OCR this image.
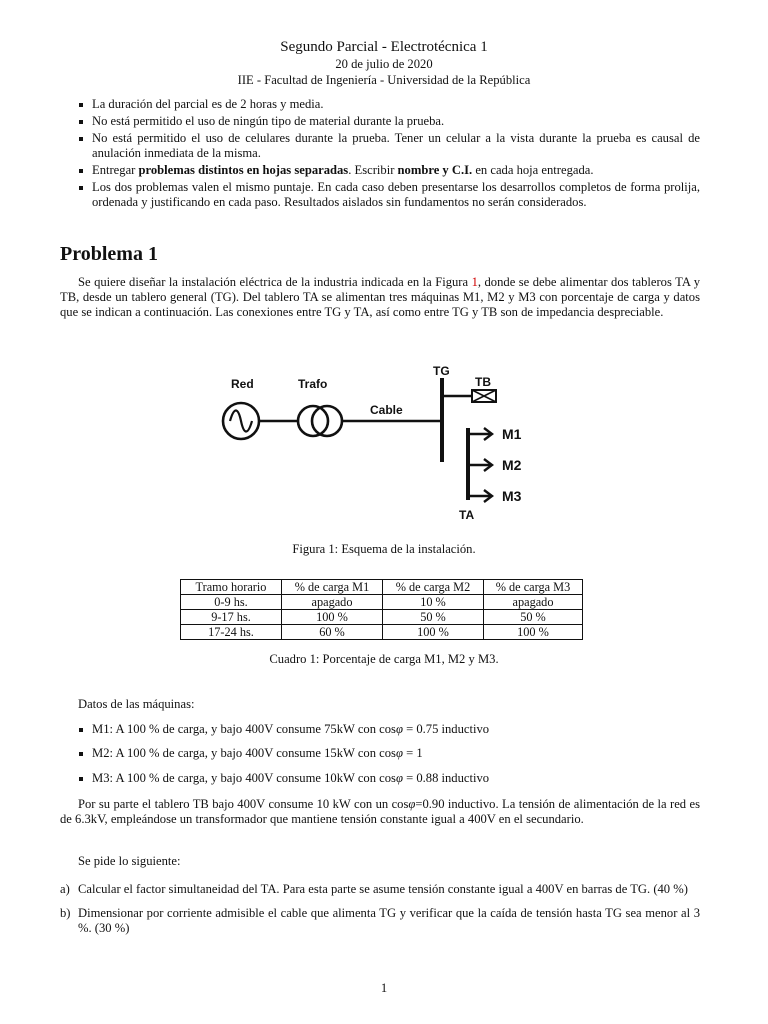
Segundo Parcial - Electrotécnica 1
20 de julio de 2020
IIE - Facultad de Ingeniería - Universidad de la República
La duración del parcial es de 2 horas y media.
No está permitido el uso de ningún tipo de material durante la prueba.
No está permitido el uso de celulares durante la prueba. Tener un celular a la vista durante la prueba es causal de anulación inmediata de la misma.
Entregar problemas distintos en hojas separadas. Escribir nombre y C.I. en cada hoja entregada.
Los dos problemas valen el mismo puntaje. En cada caso deben presentarse los desarrollos completos de forma prolija, ordenada y justificando en cada paso. Resultados aislados sin fundamentos no serán considerados.
Problema 1

Se quiere diseñar la instalación eléctrica de la industria indicada en la Figura 1, donde se debe alimentar dos tableros TA y TB, desde un tablero general (TG). Del tablero TA se alimentan tres máquinas M1, M2 y M3 con porcentaje de carga y datos que se indican a continuación. Las conexiones entre TG y TA, así como entre TG y TB son de impedancia despreciable.

Red	Trafo
Cable
TG
TB
TA
M1
M2
M3
Figura 1: Esquema de la instalación.
Tramo horario	% de carga M1	% de carga M2	% de carga M3
0-9 hs.	apagado	10 %	apagado
9-17 hs.	100 %	50 %	50 %
17-24 hs.	60 %	100 %	100 %
Cuadro 1: Porcentaje de carga M1, M2 y M3.

Datos de las máquinas:

M1: A 100 % de carga, y bajo 400V consume 75kW con cosφ = 0.75 inductivo
M2: A 100 % de carga, y bajo 400V consume 15kW con cosφ = 1
M3: A 100 % de carga, y bajo 400V consume 10kW con cosφ = 0.88 inductivo

Por su parte el tablero TB bajo 400V consume 10 kW con un cosφ=0.90 inductivo. La tensión de alimentación de la red es de 6.3kV, empleándose un transformador que mantiene tensión constante igual a 400V en el secundario.

Se pide lo siguiente:

a) Calcular el factor simultaneidad del TA. Para esta parte se asume tensión constante igual a 400V en barras de TG. (40 %)
b) Dimensionar por corriente admisible el cable que alimenta TG y verificar que la caída de tensión hasta TG sea menor al 3 %. (30 %)
1
